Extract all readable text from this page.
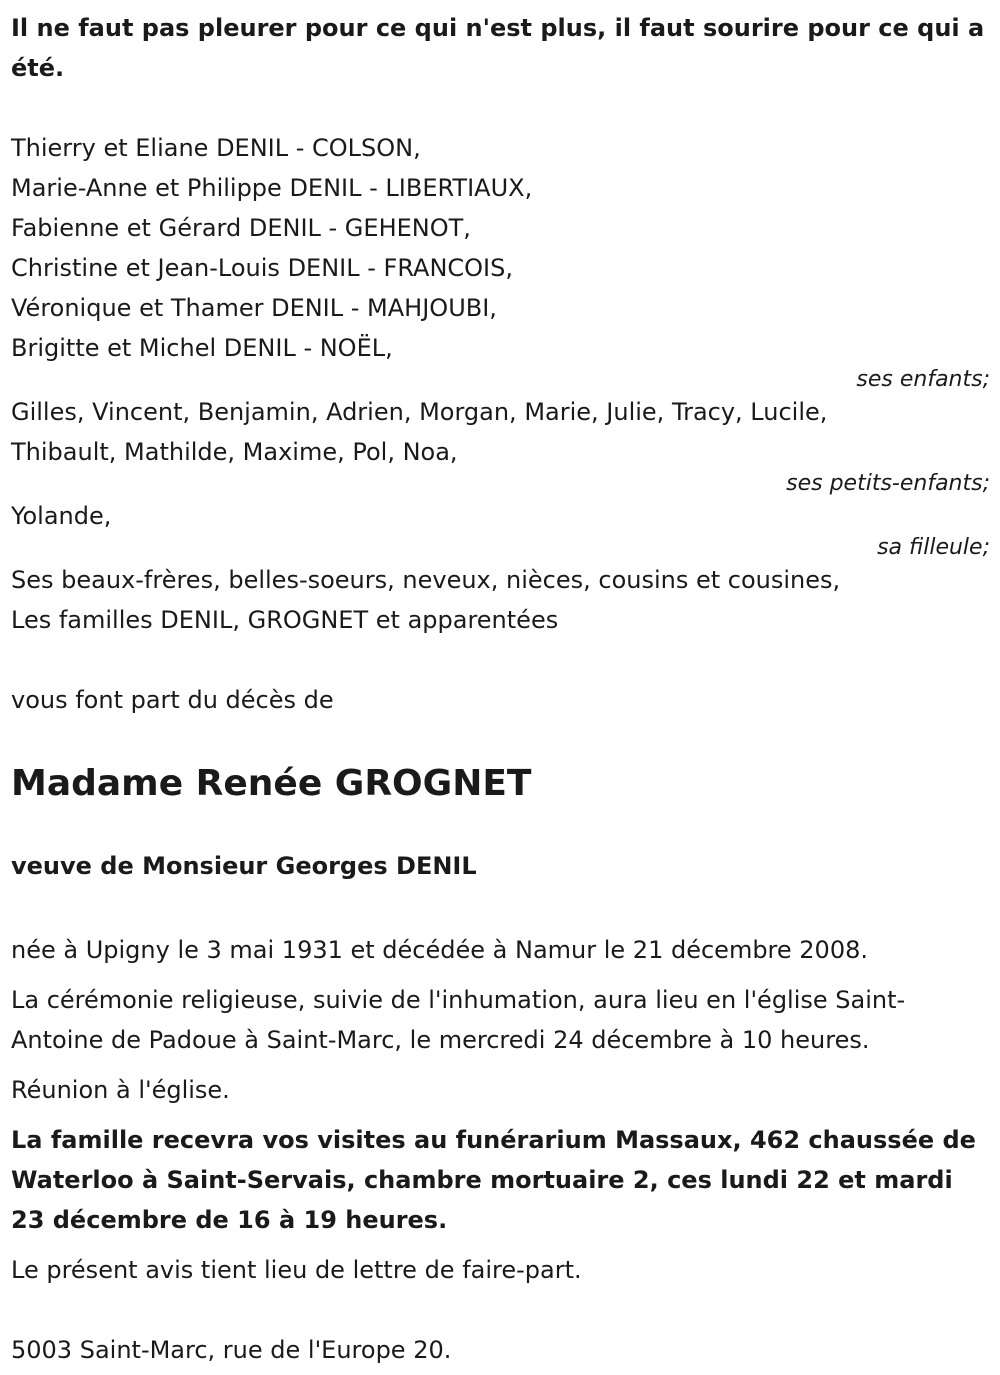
Il ne faut pas pleurer pour ce qui n'est plus, il faut sourire pour ce qui a été.
Thierry et Eliane DENIL - COLSON,
Marie-Anne et Philippe DENIL - LIBERTIAUX,
Fabienne et Gérard DENIL - GEHENOT,
Christine et Jean-Louis DENIL - FRANCOIS,
Véronique et Thamer DENIL - MAHJOUBI,
Brigitte et Michel DENIL - NOËL,
ses enfants;
Gilles, Vincent, Benjamin, Adrien, Morgan, Marie, Julie, Tracy, Lucile,
Thibault, Mathilde, Maxime, Pol, Noa,
ses petits-enfants;
Yolande,
sa filleule;
Ses beaux-frères, belles-soeurs, neveux, nièces, cousins et cousines,
Les familles DENIL, GROGNET et apparentées
vous font part du décès de
Madame Renée GROGNET
veuve de Monsieur Georges DENIL
née à Upigny le 3 mai 1931 et décédée à Namur le 21 décembre 2008.
La cérémonie religieuse, suivie de l'inhumation, aura lieu en l'église Saint-Antoine de Padoue à Saint-Marc, le mercredi 24 décembre à 10 heures.
Réunion à l'église.
La famille recevra vos visites au funérarium Massaux, 462 chaussée de Waterloo à Saint-Servais, chambre mortuaire 2, ces lundi 22 et mardi 23 décembre de 16 à 19 heures.
Le présent avis tient lieu de lettre de faire-part.
5003 Saint-Marc, rue de l'Europe 20.
